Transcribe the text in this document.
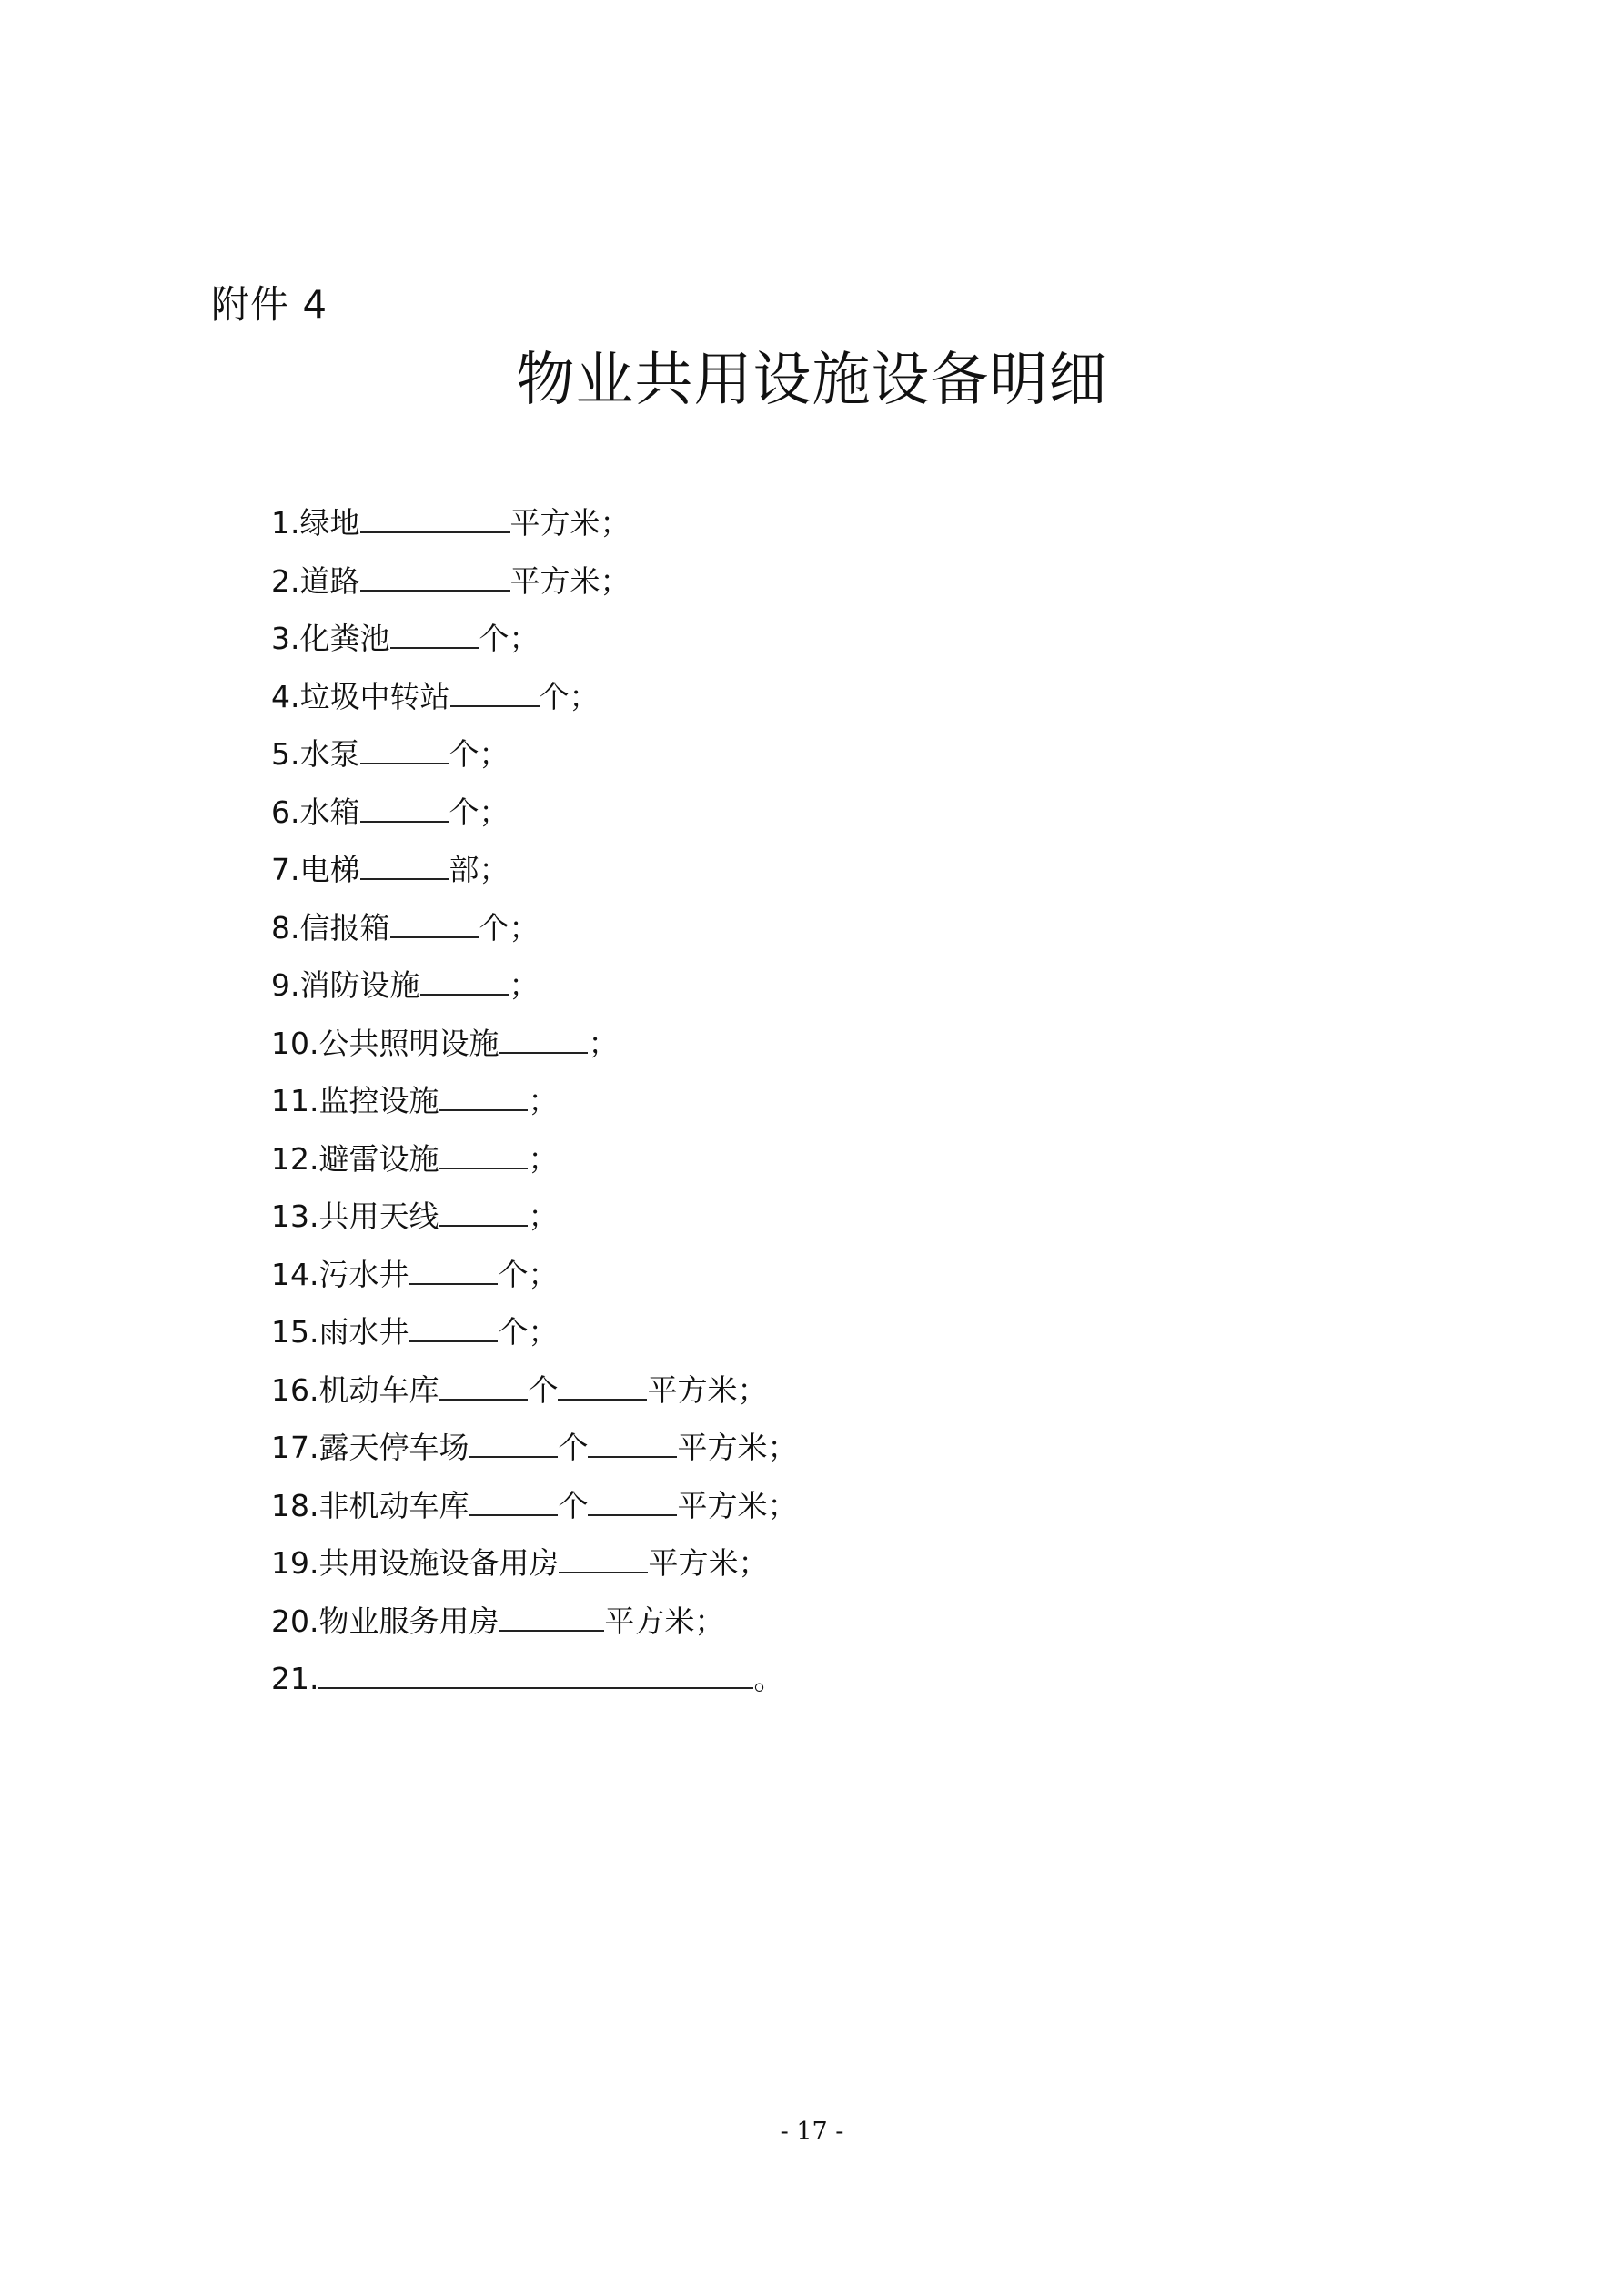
附件 4
物业共用设施设备明细
1.绿地	平方米；
2.道路	平方米；
3.化粪池	个；
4.垃圾中转站	个；
5.水泵	个；
6.水箱	个；
7.电梯	部；
8.信报箱	个；
9.消防设施	；
10.公共照明设施	；
11.监控设施	；
12.避雷设施	；
13.共用天线	；
14.污水井	个；
15.雨水井	个；
16.机动车库	个	平方米；
17.露天停车场	个	平方米；
18.非机动车库	个	平方米；
19.共用设施设备用房	平方米；
20.物业服务用房	平方米；
21.	。
- 17 -
